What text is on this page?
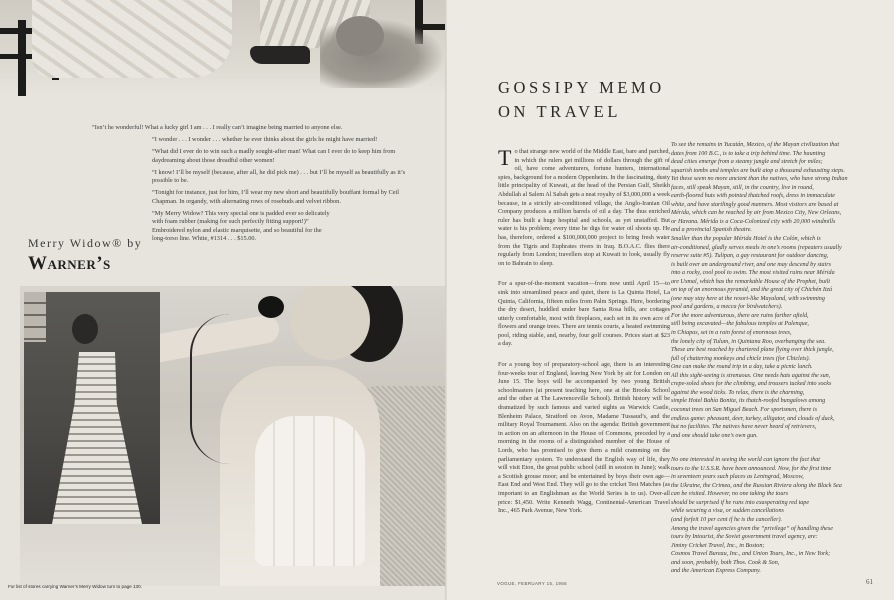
“Isn’t he wonderful! What a lucky girl I am . . . I really can’t imagine being married to anyone else.

“I wonder . . . I wonder . . . whether he ever thinks about the girls he might have married!

“What did I ever do to win such a madly sought-after man! What can I ever do to keep him from daydreaming about those dreadful other women!

“I know! I’ll be myself (because, after all, he did pick me) . . . but I’ll be myself as beautifully as it’s possible to be.

“Tonight for instance, just for him, I’ll wear my new short and beautifully bouffant formal by Ceil Chapman. In organdy, with alternating rows of rosebuds and velvet ribbon.

“My Merry Widow? This very special one is padded ever so delicately with foam rubber (making for such perfectly fitting support!)” Embroidered nylon and elastic marquisette, and so beautiful for the long-torso line. White, #1314 . . . $15.00.

Merry Widow® by
Warner’s
For list of stores carrying Warner’s Merry Widow turn to page 130.
GOSSIPY MEMO
ON TRAVEL

To that strange new world of the Middle East, bare and parched, in which the rulers get millions of dollars through the gift of oil, have come adventurers, fortune hunters, international spies, background for a modern Oppenheim. In the fascinating, dusty little principality of Kuwait, at the head of the Persian Gulf, Sheikh Abdullah al Salem Al Sabah gets a neat royalty of $3,000,000 a week because, in a strictly air-conditioned village, the Anglo-Iranian Oil Company produces a million barrels of oil a day. The thus enriched ruler has built a huge hospital and schools, as yet unstaffed. But water is his problem; every time he digs for water oil shoots up. He has, therefore, ordered a $100,000,000 project to bring fresh water from the Tigris and Euphrates rivers in Iraq. B.O.A.C. flies there regularly from London; travellers stop at Kuwait to look, usually fly on to Bahrain to sleep.

For a spur-of-the-moment vacation—from now until April 15—to sink into streamlined peace and quiet, there is La Quinta Hotel, La Quinta, California, fifteen miles from Palm Springs. Here, bordering the dry desert, huddled under bare Santa Rosa hills, are cottages utterly comfortable, most with fireplaces, each set in its own acre of flowers and orange trees. There are tennis courts, a heated swimming pool, riding stable, and, nearby, four golf courses. Prices start at $23 a day.

For a young boy of preparatory-school age, there is an interesting four-weeks tour of England, leaving New York by air for London on June 15. The boys will be accompanied by two young British schoolmasters (at present teaching here, one at the Brooks School and the other at The Lawrenceville School). British history will be dramatized by such famous and varied sights as Warwick Castle, Blenheim Palace, Stratford on Avon, Madame Tussaud’s, and the military Royal Tournament. Also on the agenda: British government in action on an afternoon in the House of Commons, preceded by a morning in the rooms of a distinguished member of the House of Lords, who has promised to give them a mild cramming on the parliamentary system. To understand the English way of life, they will visit Eton, the great public school (still in session in June); walk a Scottish grouse moor; and be entertained by boys their own age—East End and West End. They will go to the cricket Test Matches (as important to an Englishman as the World Series is to us). Over-all price: $1,450. Write Kenneth Wagg, Continental-American Travel Inc., 465 Park Avenue, New York.

To see the remains in Yucatán, Mexico, of the Mayan civilization that
dates from 100 B.C., is to take a trip behind time. The haunting
dead cities emerge from a steamy jungle and stretch for miles;
squarish tombs and temples are built atop a thousand exhausting steps.
Yet these seem no more ancient than the natives, who have strong Indian
faces, still speak Mayan, still, in the country, live in round,
earth-floored huts with pointed thatched roofs, dress in immaculate
white, and have startlingly good manners. Most visitors are based at
Mérida, which can be reached by air from Mexico City, New Orleans,
or Havana. Mérida is a Coca-Colonized city with 20,000 windmills
and a provincial Spanish theatre.
Smaller than the popular Mérida Hotel is the Colón, which is
air-conditioned, gladly serves meals in one’s rooms (repeaters usually
reserve suite #5). Tulipan, a gay restaurant for outdoor dancing,
is built over an underground river, and one may descend by stairs
into a rocky, cool pool to swim. The most visited ruins near Mérida
are Uxmal, which has the remarkable House of the Prophet, built
on top of an enormous pyramid, and the great city of Chichén Itzá
(one may stay here at the resort-like Mayaland, with swimming
pool and gardens, a mecca for birdwatchers).
For the more adventurous, there are ruins farther afield,
still being excavated—the fabulous temples at Palenque,
in Chiapas, set in a rain forest of enormous trees,
the lonely city of Tulum, in Quintana Roo, overhanging the sea.
These are best reached by chartered plane flying over thick jungle,
full of chattering monkeys and chicle trees (for Chiclets).
One can make the round trip in a day, take a picnic lunch.
All this sight-seeing is strenuous. One needs hats against the sun,
crepe-soled shoes for the climbing, and trousers tucked into socks
against the wood ticks. To relax, there is the charming,
simple Hotel Bahía Bonita, its thatch-roofed bungalows among
coconut trees on San Miguel Beach. For sportsmen, there is
endless game: pheasant, deer, turkey, alligator, and clouds of duck,
but no facilities. The natives have never heard of retrievers,
and one should take one’s own gun.

No one interested in seeing the world can ignore the fact that
tours to the U.S.S.R. have been announced. Now, for the first time
in seventeen years such places as Leningrad, Moscow,
the Ukraine, the Crimea, and the Russian Riviera along the Black Sea
can be visited. However, no one taking the tours
should be surprised if he runs into exasperating red tape
while securing a visa, or sudden cancellations
(and forfeit 10 per cent if he is the canceller).
Among the travel agencies given the “privilege” of handling these
tours by Intourist, the Soviet government travel agency, are:
Jiminy Cricket Travel, Inc., in Boston;
Cosmos Travel Bureau, Inc., and Union Tours, Inc., in New York;
and soon, probably, both Thos. Cook & Son,
and the American Express Company.

VOGUE, FEBRUARY 15, 1956	61
